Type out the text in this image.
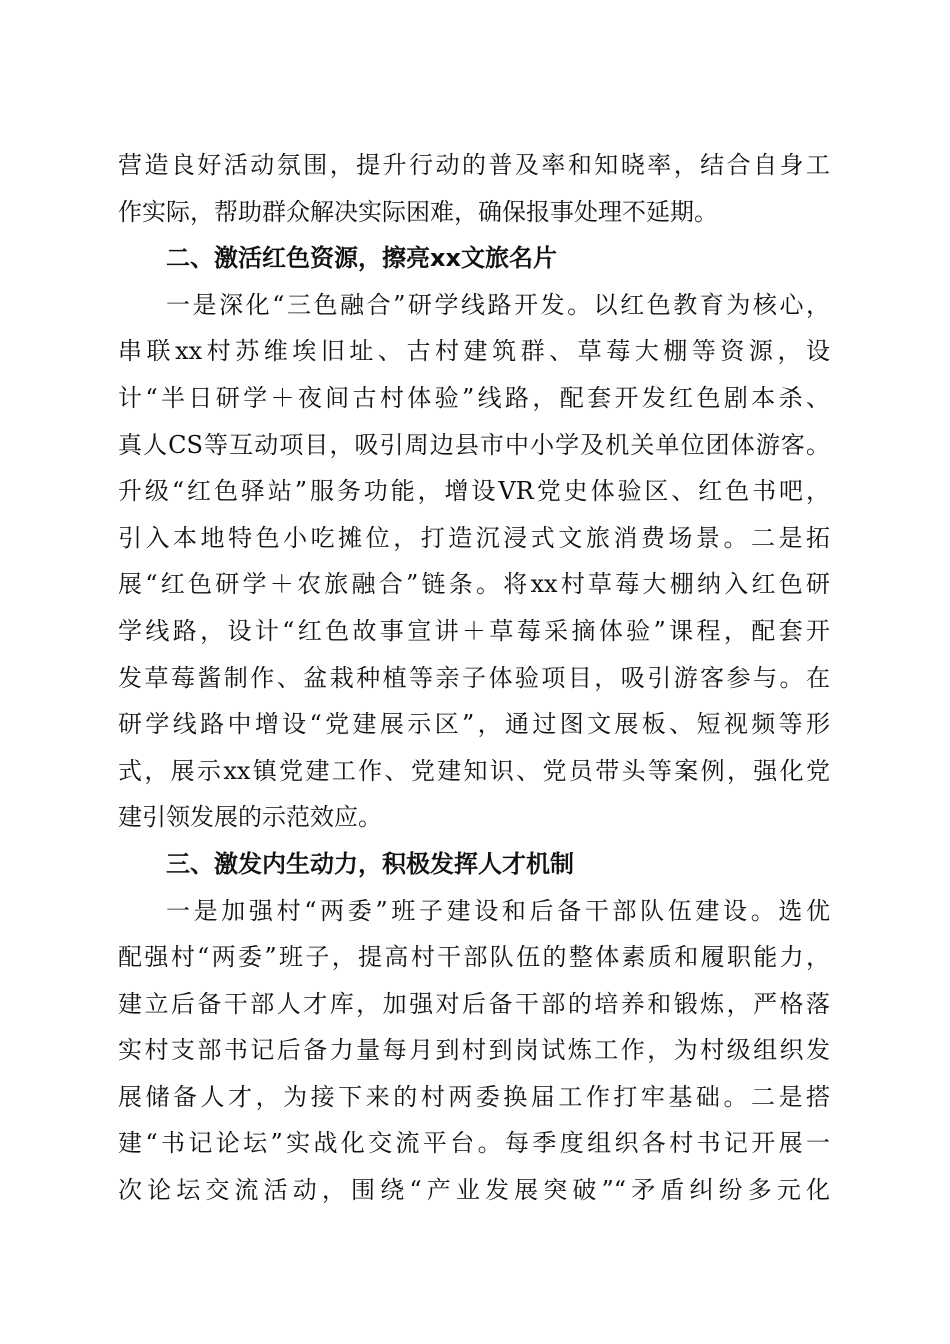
营造良好活动氛围，提升行动的普及率和知晓率，结合自身工
作实际，帮助群众解决实际困难，确保报事处理不延期。
二、激活红色资源，擦亮xx文旅名片
一是深化“三色融合”研学线路开发。以红色教育为核心，
串联xx村苏维埃旧址、古村建筑群、草莓大棚等资源，设
计“半日研学＋夜间古村体验”线路，配套开发红色剧本杀、
真人CS等互动项目，吸引周边县市中小学及机关单位团体游客。
升级“红色驿站”服务功能，增设VR党史体验区、红色书吧，
引入本地特色小吃摊位，打造沉浸式文旅消费场景。二是拓
展“红色研学＋农旅融合”链条。将xx村草莓大棚纳入红色研
学线路，设计“红色故事宣讲＋草莓采摘体验”课程，配套开
发草莓酱制作、盆栽种植等亲子体验项目，吸引游客参与。在
研学线路中增设“党建展示区”，通过图文展板、短视频等形
式，展示xx镇党建工作、党建知识、党员带头等案例，强化党
建引领发展的示范效应。
三、激发内生动力，积极发挥人才机制
一是加强村“两委”班子建设和后备干部队伍建设。选优
配强村“两委”班子，提高村干部队伍的整体素质和履职能力，
建立后备干部人才库，加强对后备干部的培养和锻炼，严格落
实村支部书记后备力量每月到村到岗试炼工作，为村级组织发
展储备人才，为接下来的村两委换届工作打牢基础。二是搭
建“书记论坛”实战化交流平台。每季度组织各村书记开展一
次论坛交流活动，围绕“产业发展突破”“矛盾纠纷多元化
